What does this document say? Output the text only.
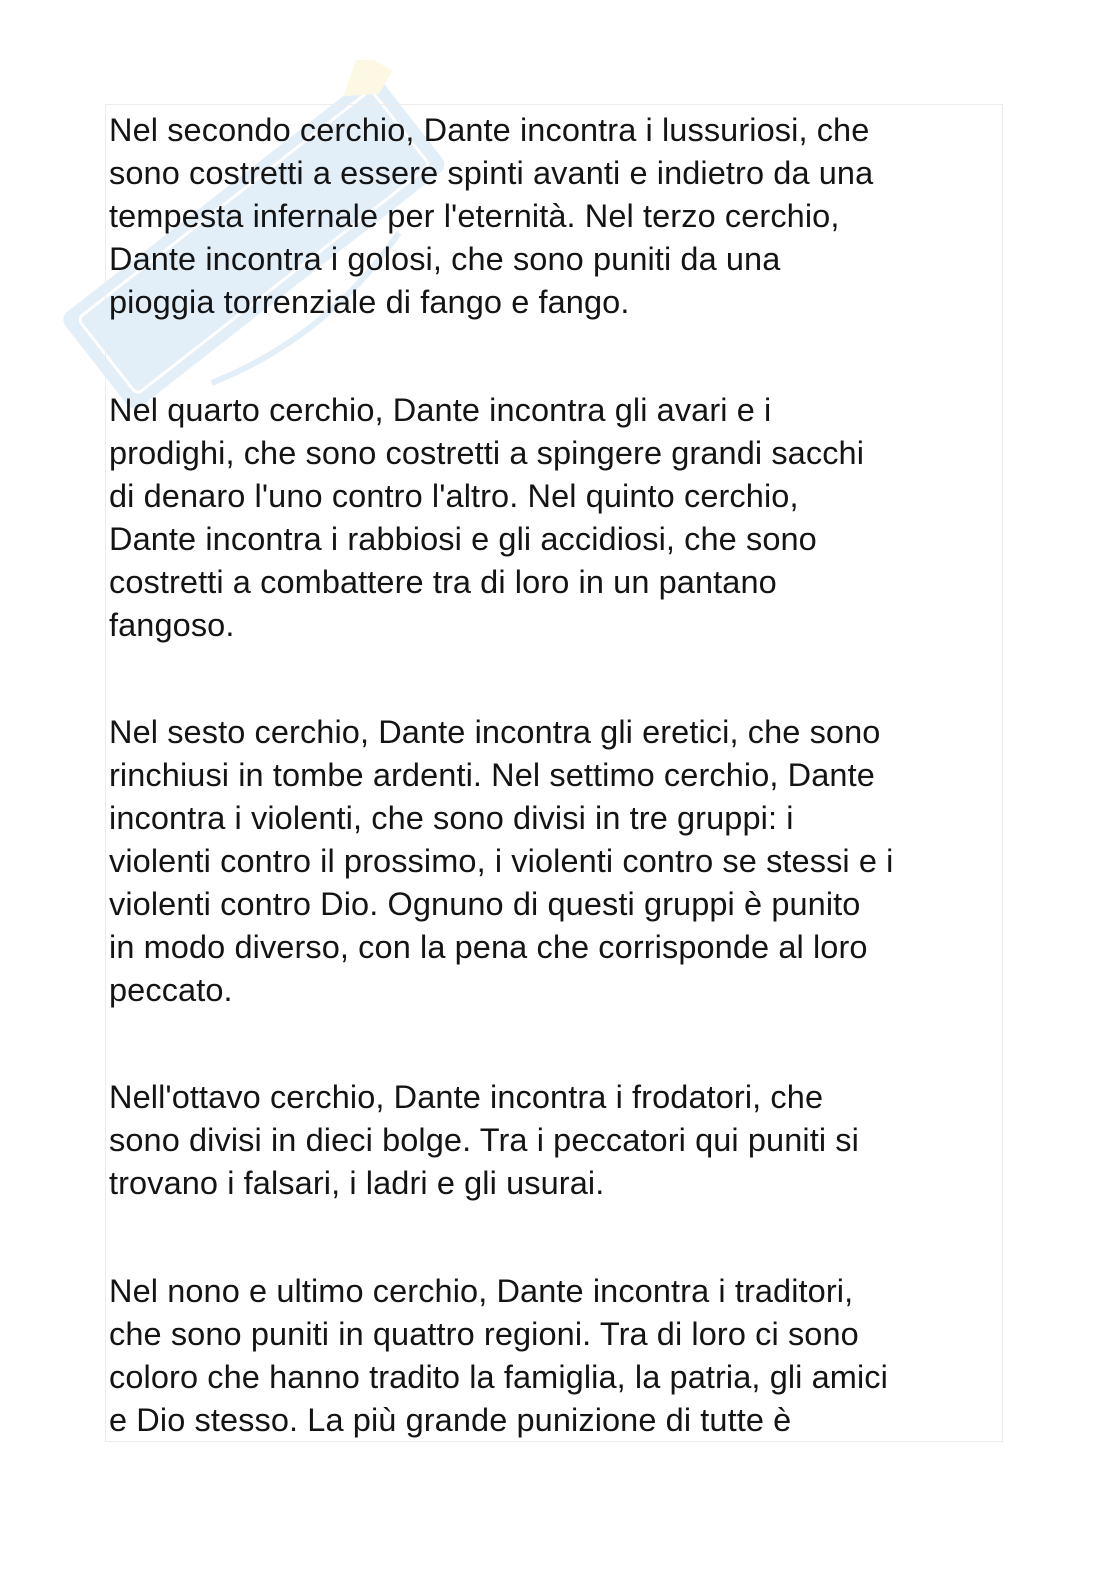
Nel secondo cerchio, Dante incontra i lussuriosi, che
sono costretti a essere spinti avanti e indietro da una
tempesta infernale per l'eternità. Nel terzo cerchio,
Dante incontra i golosi, che sono puniti da una
pioggia torrenziale di fango e fango.

Nel quarto cerchio, Dante incontra gli avari e i
prodighi, che sono costretti a spingere grandi sacchi
di denaro l'uno contro l'altro. Nel quinto cerchio,
Dante incontra i rabbiosi e gli accidiosi, che sono
costretti a combattere tra di loro in un pantano
fangoso.

Nel sesto cerchio, Dante incontra gli eretici, che sono
rinchiusi in tombe ardenti. Nel settimo cerchio, Dante
incontra i violenti, che sono divisi in tre gruppi: i
violenti contro il prossimo, i violenti contro se stessi e i
violenti contro Dio. Ognuno di questi gruppi è punito
in modo diverso, con la pena che corrisponde al loro
peccato.

Nell'ottavo cerchio, Dante incontra i frodatori, che
sono divisi in dieci bolge. Tra i peccatori qui puniti si
trovano i falsari, i ladri e gli usurai.

Nel nono e ultimo cerchio, Dante incontra i traditori,
che sono puniti in quattro regioni. Tra di loro ci sono
coloro che hanno tradito la famiglia, la patria, gli amici
e Dio stesso. La più grande punizione di tutte è
